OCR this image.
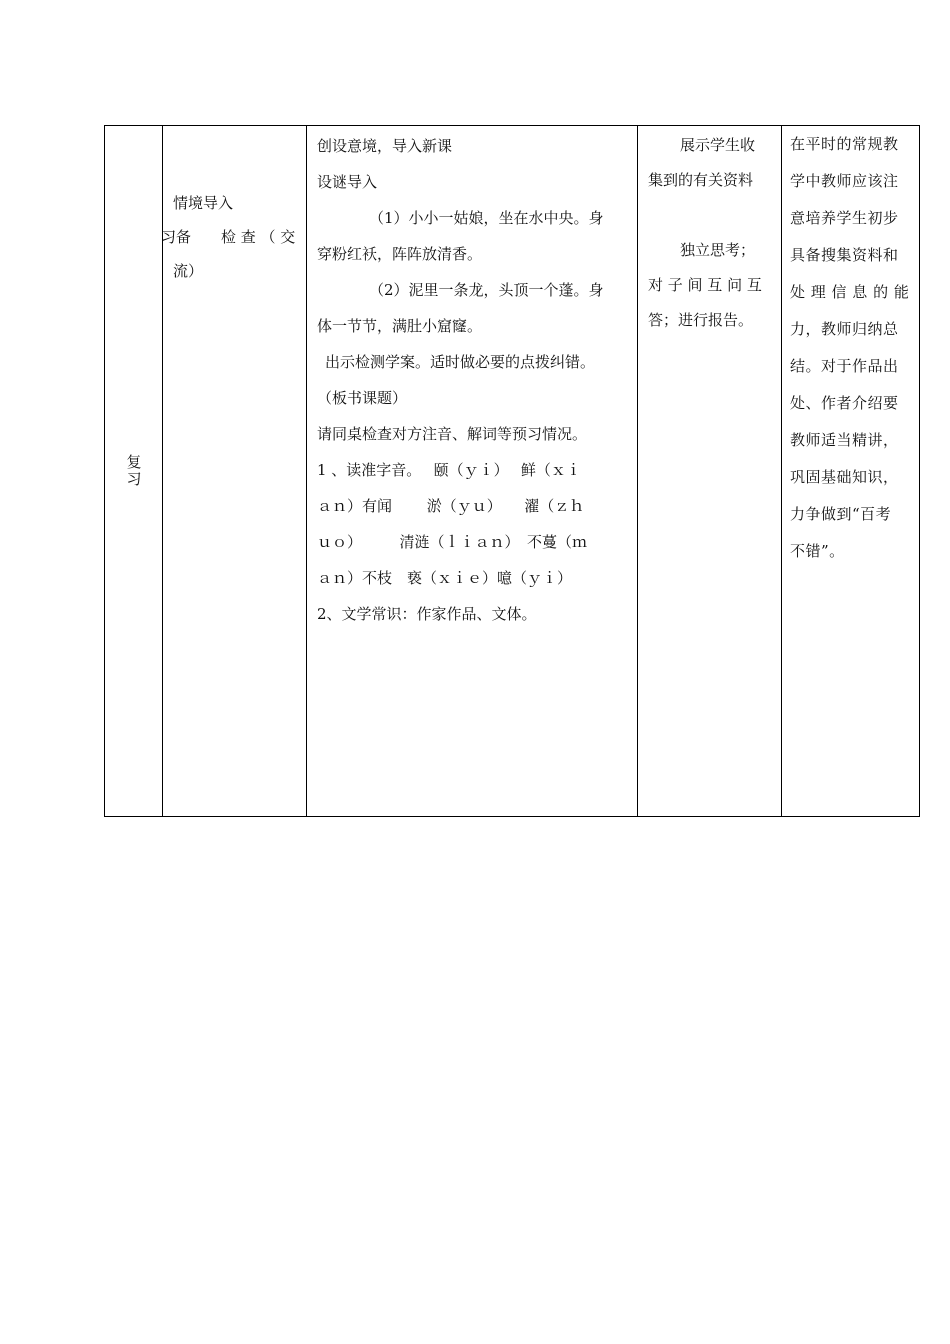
复习

情境导入
习备　　检 查 （ 交
流）

创设意境，导入新课
设谜导入
（1）小小一姑娘，坐在水中央。身
穿粉红袄，阵阵放清香。
（2）泥里一条龙，头顶一个蓬。身
体一节节，满肚小窟窿。
出示检测学案。适时做必要的点拨纠错。
（板书课题）
请同桌检查对方注音、解词等预习情况。
1 、读准字音。　 颐（ｙｉ）　 鲜（ｘｉ
ａｎ）有闻　　 淤（ｙｕ）　　濯（ｚｈ
ｕｏ）　　　清涟（ｌｉａｎ）　不蔓（ｍ
ａｎ）不枝　亵（ｘｉｅ）噫（ｙｉ）
2、文学常识：作家作品、文体。

展示学生收
集到的有关资料
独立思考；
对 子 间 互 问 互
答；进行报告。

在平时的常规教
学中教师应该注
意培养学生初步
具备搜集资料和
处 理 信 息 的 能
力，教师归纳总
结。对于作品出
处、作者介绍要
教师适当精讲，
巩固基础知识，
力争做到“百考
不错”。
